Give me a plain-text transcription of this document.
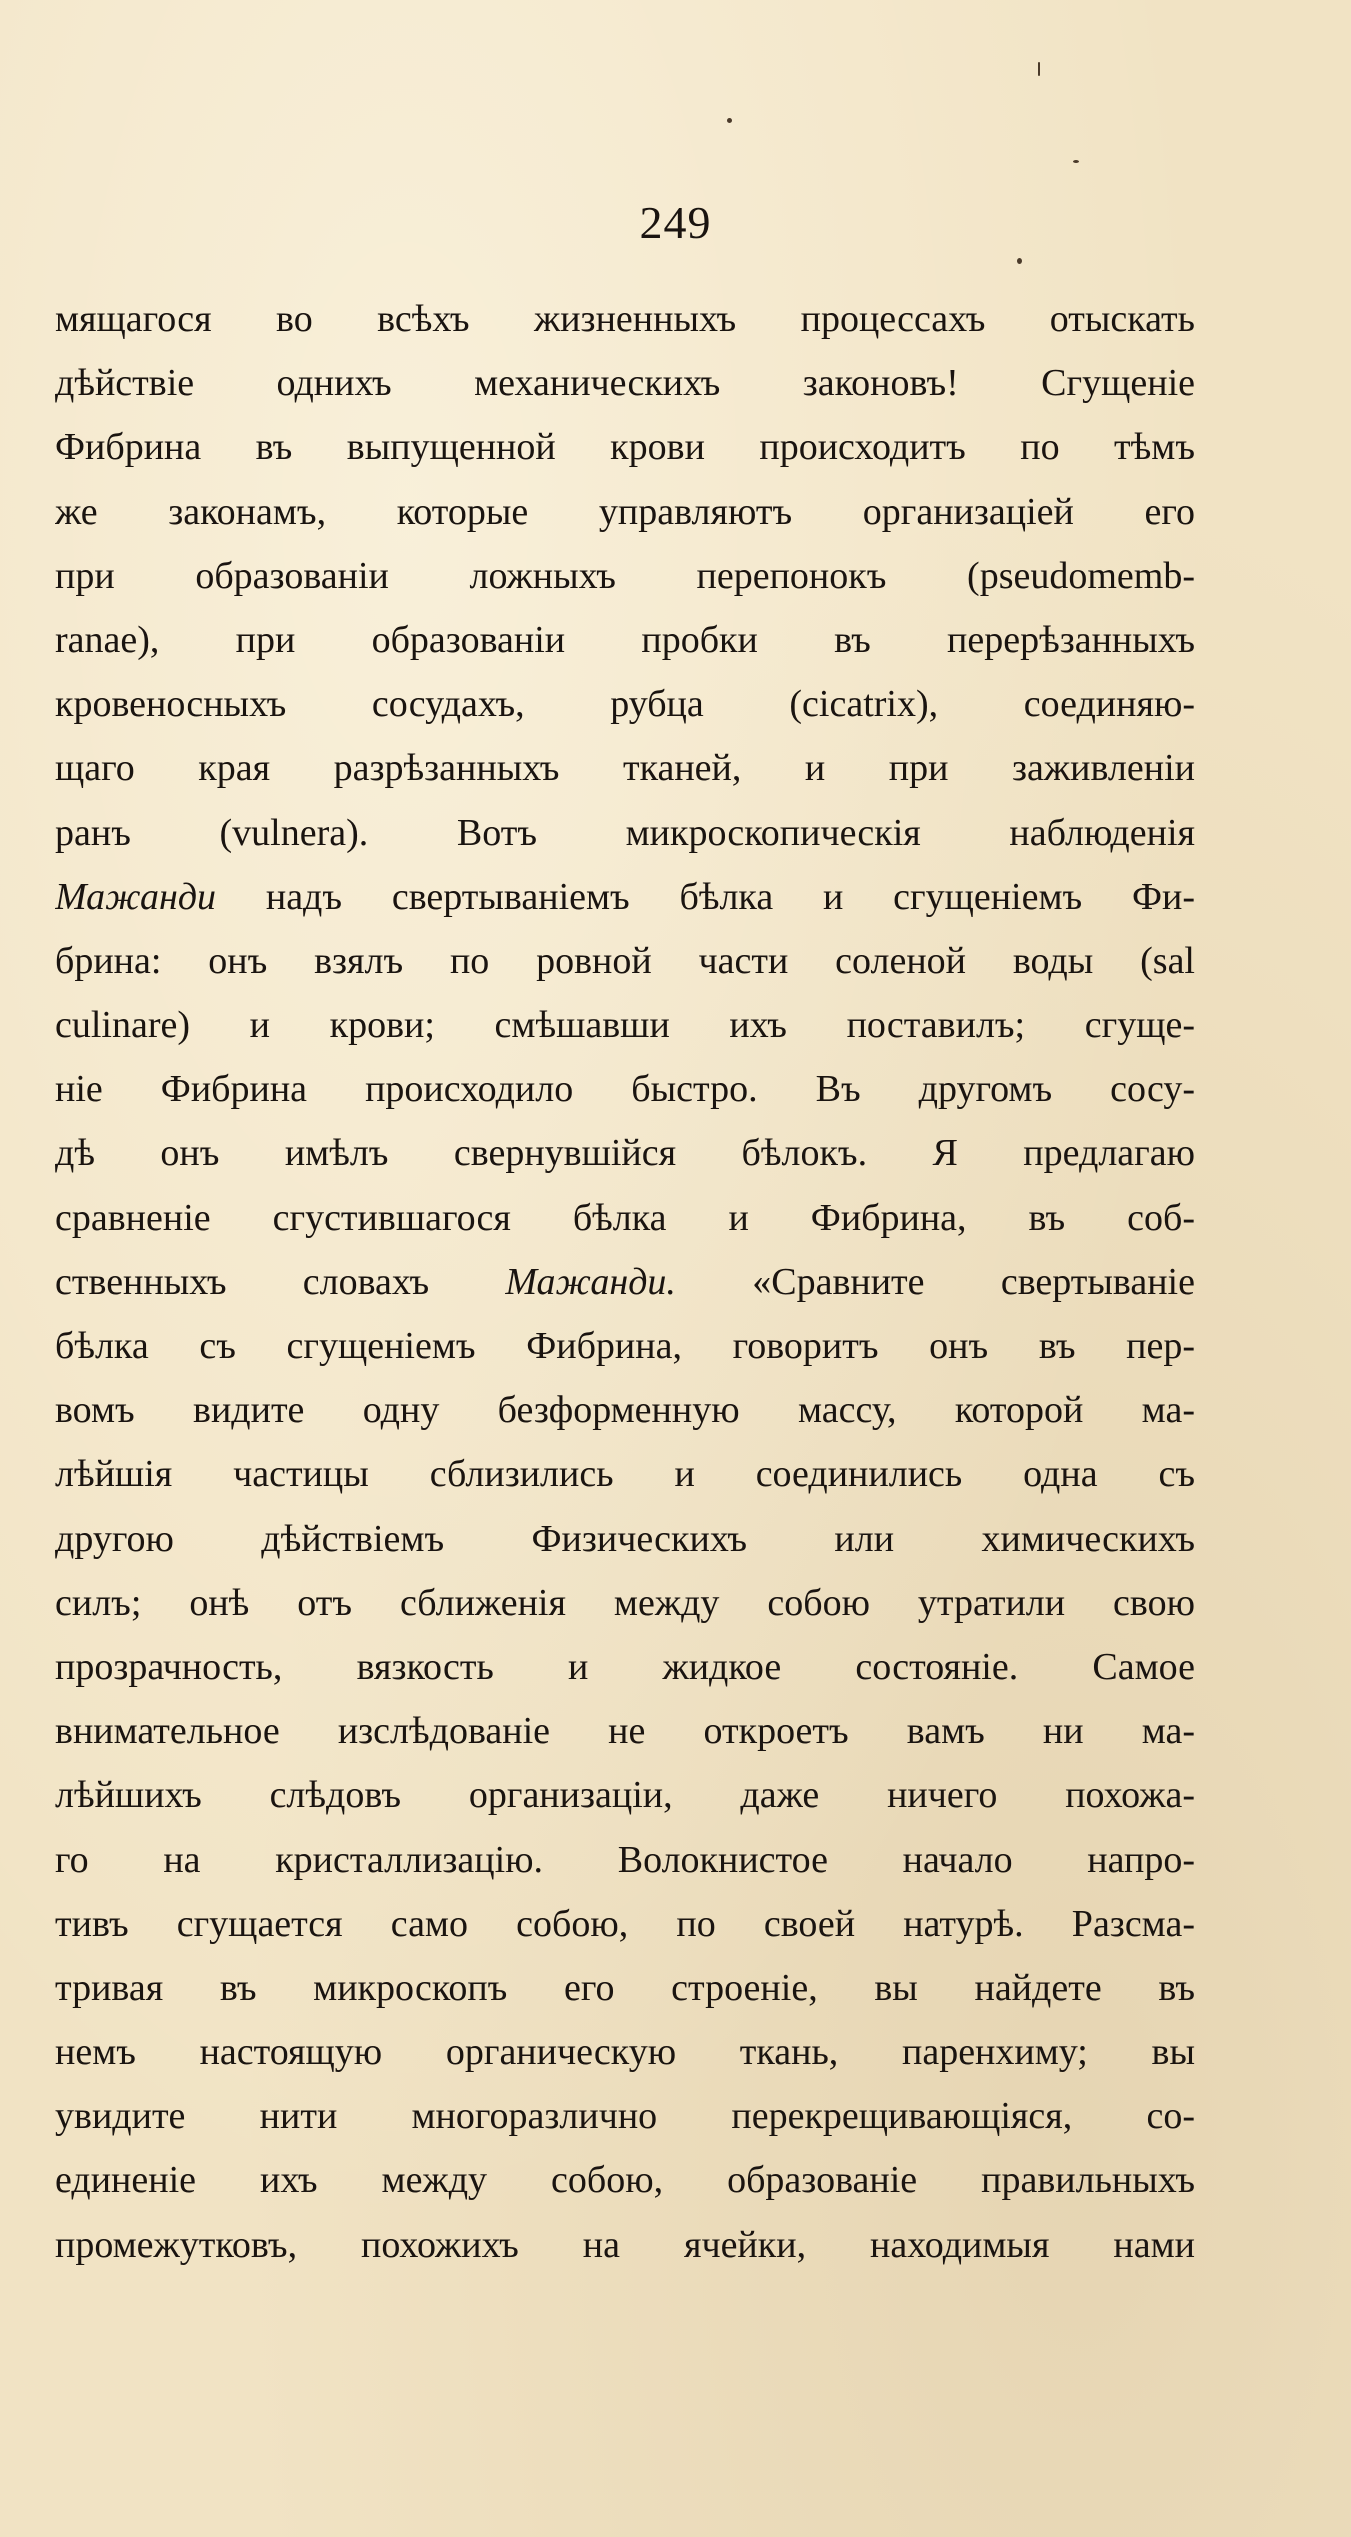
249
мящагося во всѣхъ жизненныхъ процессахъ отыскать
дѣйствіе однихъ механическихъ законовъ! Сгущеніе
Фибрина въ выпущенной крови происходитъ по тѣмъ
же законамъ, которые управляютъ организацiей его
при образованіи ложныхъ перепонокъ (pseudomemb-
ranae), при образованіи пробки въ перерѣзанныхъ
кровеносныхъ сосудахъ, рубца (cicatrix), соединяю-
щаго края разрѣзанныхъ тканей, и при заживленіи
ранъ (vulnera). Вотъ микроскопическія наблюденія
Мажанди надъ свертываніемъ бѣлка и сгущеніемъ Фи-
брина: онъ взялъ по ровной части соленой воды (sal
culinare) и крови; смѣшавши ихъ поставилъ; сгуще-
ніе Фибрина происходило быстро. Въ другомъ сосу-
дѣ онъ имѣлъ свернувшійся бѣлокъ. Я предлагаю
сравненіе сгустившагося бѣлка и Фибрина, въ соб-
ственныхъ словахъ Мажанди. «Сравните свертываніе
бѣлка съ сгущеніемъ Фибрина, говоритъ онъ въ пер-
вомъ видите одну безформенную массу, которой ма-
лѣйшія частицы сблизились и соединились одна съ
другою дѣйствіемъ Физическихъ или химическихъ
силъ; онѣ отъ сближенія между собою утратили свою
прозрачность, вязкость и жидкое состояніе. Самое
внимательное изслѣдованіе не откроетъ вамъ ни ма-
лѣйшихъ слѣдовъ организаціи, даже ничего похожа-
го на кристаллизацію. Волокнистое начало напро-
тивъ сгущается само собою, по своей натурѣ. Разсма-
тривая въ микроскопъ его строеніе, вы найдете въ
немъ настоящую органическую ткань, паренхиму; вы
увидите нити многоразлично перекрещивающіяся, со-
единеніе ихъ между собою, образованіе правильныхъ
промежутковъ, похожихъ на ячейки, находимыя нами
